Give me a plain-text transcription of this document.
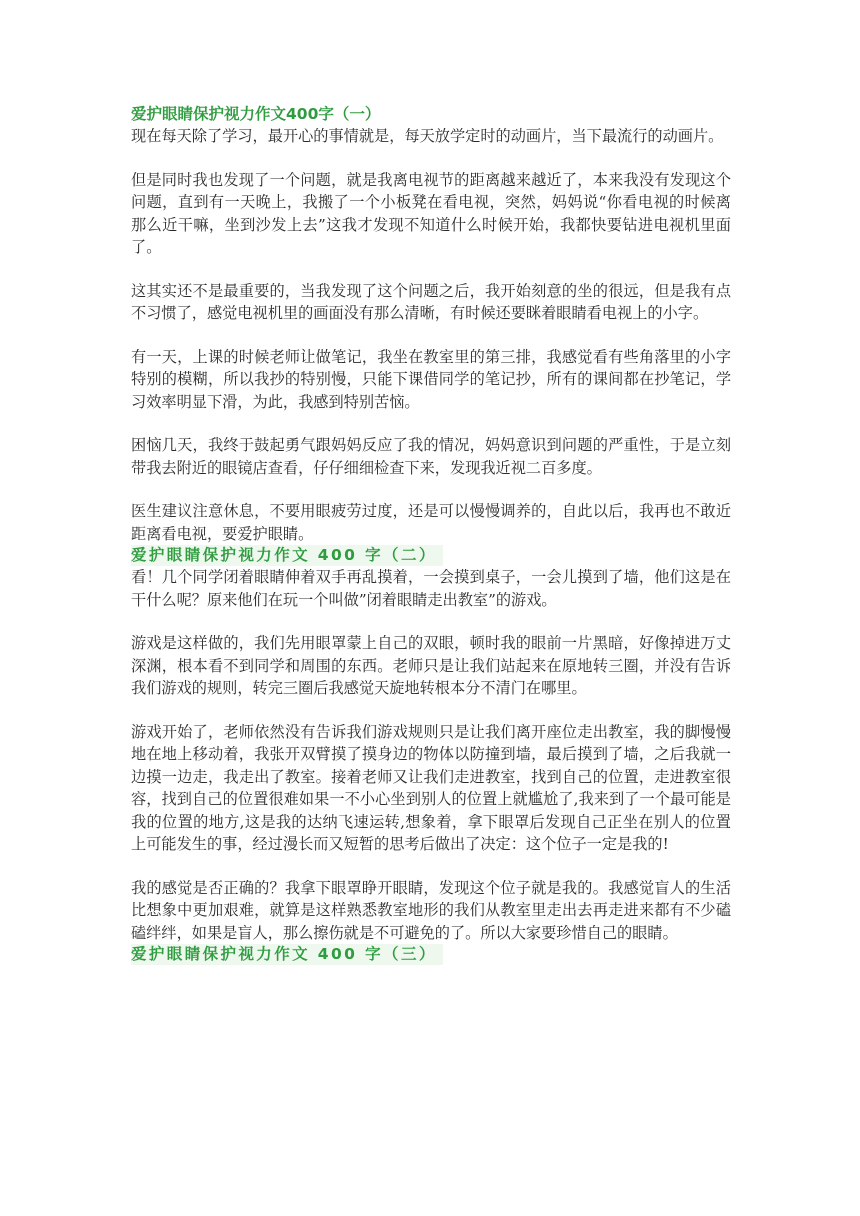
爱护眼睛保护视力作文400字（一）

现在每天除了学习，最开心的事情就是，每天放学定时的动画片，当下最流行的动画片。

但是同时我也发现了一个问题，就是我离电视节的距离越来越近了，本来我没有发现这个问题，直到有一天晚上，我搬了一个小板凳在看电视，突然，妈妈说“你看电视的时候离那么近干嘛，坐到沙发上去”这我才发现不知道什么时候开始，我都快要钻进电视机里面了。

这其实还不是最重要的，当我发现了这个问题之后，我开始刻意的坐的很远，但是我有点不习惯了，感觉电视机里的画面没有那么清晰，有时候还要眯着眼睛看电视上的小字。

有一天，上课的时候老师让做笔记，我坐在教室里的第三排，我感觉看有些角落里的小字特别的模糊，所以我抄的特别慢，只能下课借同学的笔记抄，所有的课间都在抄笔记，学习效率明显下滑，为此，我感到特别苦恼。

困恼几天，我终于鼓起勇气跟妈妈反应了我的情况，妈妈意识到问题的严重性，于是立刻带我去附近的眼镜店查看，仔仔细细检查下来，发现我近视二百多度。

医生建议注意休息，不要用眼疲劳过度，还是可以慢慢调养的，自此以后，我再也不敢近距离看电视，要爱护眼睛。

爱护眼睛保护视力作文 400 字（二）

看！几个同学闭着眼睛伸着双手再乱摸着，一会摸到桌子，一会儿摸到了墙，他们这是在干什么呢？原来他们在玩一个叫做”闭着眼睛走出教室”的游戏。

游戏是这样做的，我们先用眼罩蒙上自己的双眼，顿时我的眼前一片黑暗，好像掉进万丈深渊，根本看不到同学和周围的东西。老师只是让我们站起来在原地转三圈，并没有告诉我们游戏的规则，转完三圈后我感觉天旋地转根本分不清门在哪里。

游戏开始了，老师依然没有告诉我们游戏规则只是让我们离开座位走出教室，我的脚慢慢地在地上移动着，我张开双臂摸了摸身边的物体以防撞到墙，最后摸到了墙，之后我就一边摸一边走，我走出了教室。接着老师又让我们走进教室，找到自己的位置，走进教室很容，找到自己的位置很难如果一不小心坐到别人的位置上就尴尬了,我来到了一个最可能是我的位置的地方,这是我的达纳飞速运转,想象着，拿下眼罩后发现自己正坐在别人的位置上可能发生的事，经过漫长而又短暂的思考后做出了决定：这个位子一定是我的!

我的感觉是否正确的？我拿下眼罩睁开眼睛，发现这个位子就是我的。我感觉盲人的生活比想象中更加艰难，就算是这样熟悉教室地形的我们从教室里走出去再走进来都有不少磕磕绊绊，如果是盲人，那么擦伤就是不可避免的了。所以大家要珍惜自己的眼睛。

爱护眼睛保护视力作文 400 字（三）
